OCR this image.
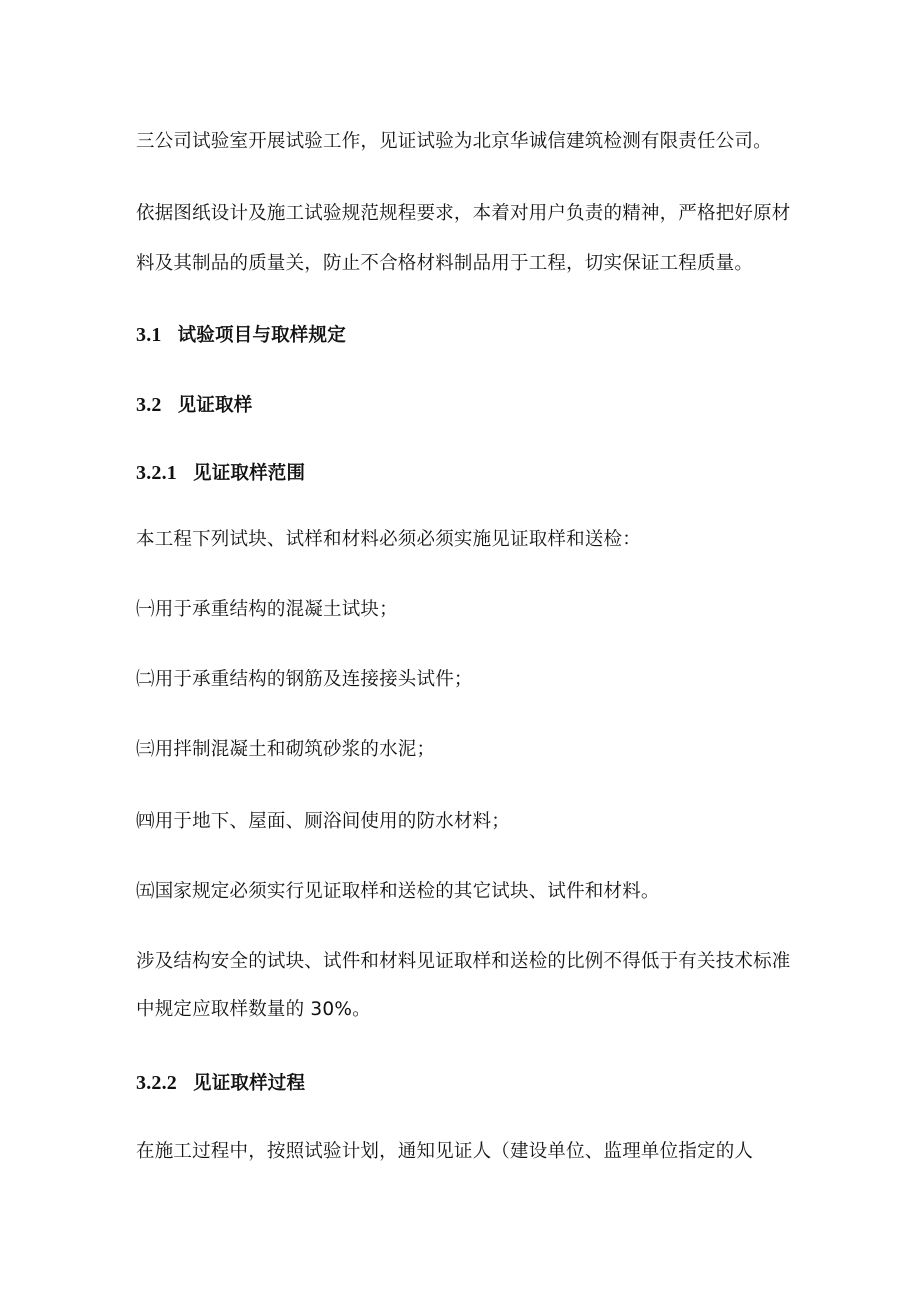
三公司试验室开展试验工作，见证试验为北京华诚信建筑检测有限责任公司。
依据图纸设计及施工试验规范规程要求，本着对用户负责的精神，严格把好原材
料及其制品的质量关，防止不合格材料制品用于工程，切实保证工程质量。
3.1 试验项目与取样规定
3.2 见证取样
3.2.1 见证取样范围
本工程下列试块、试样和材料必须必须实施见证取样和送检：
㈠用于承重结构的混凝土试块；
㈡用于承重结构的钢筋及连接接头试件；
㈢用拌制混凝土和砌筑砂浆的水泥；
㈣用于地下、屋面、厕浴间使用的防水材料；
㈤国家规定必须实行见证取样和送检的其它试块、试件和材料。
涉及结构安全的试块、试件和材料见证取样和送检的比例不得低于有关技术标准
中规定应取样数量的 30%。
3.2.2 见证取样过程
在施工过程中，按照试验计划，通知见证人（建设单位、监理单位指定的人
